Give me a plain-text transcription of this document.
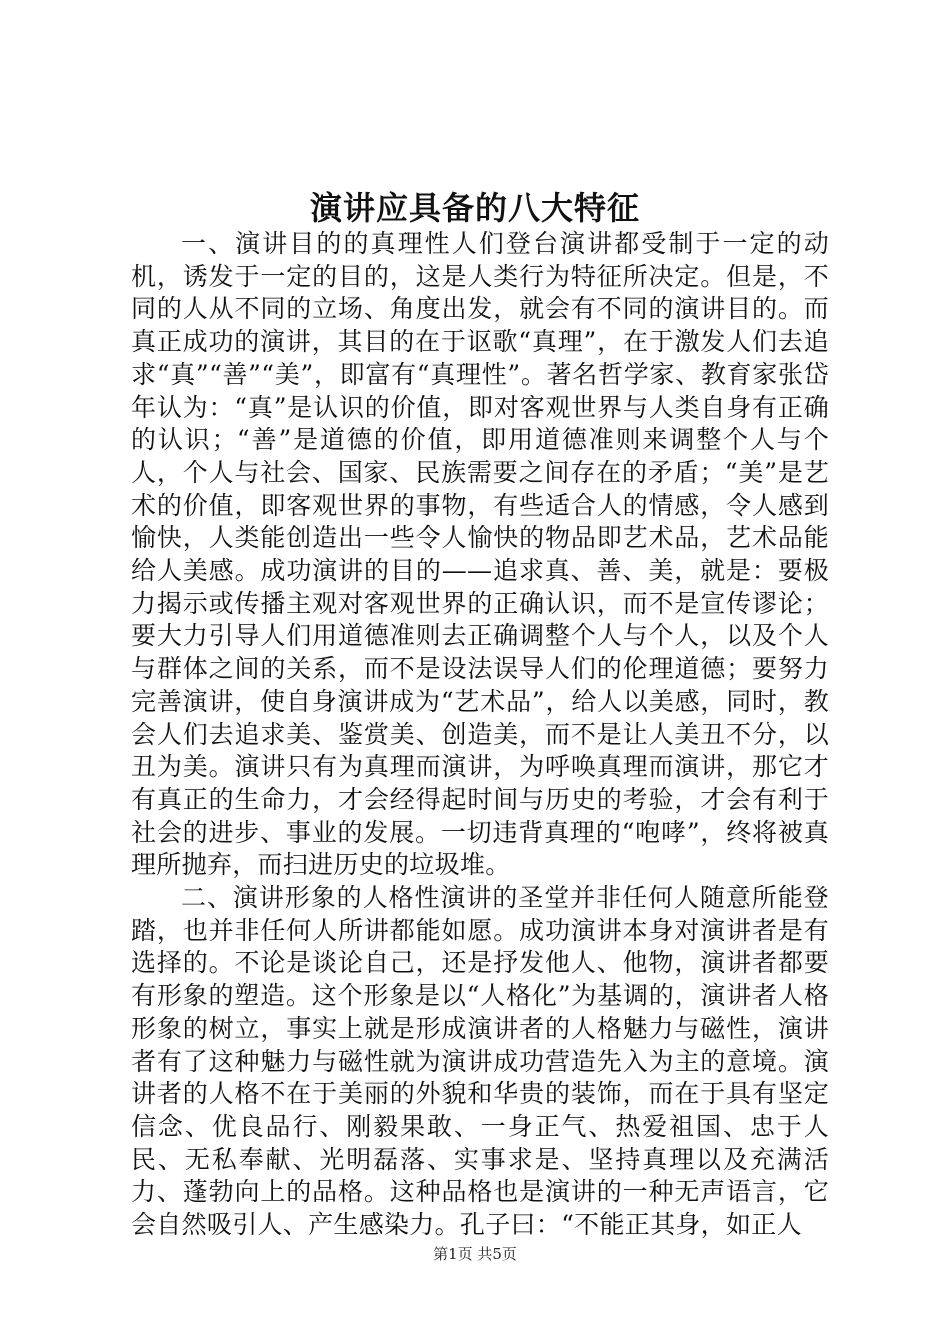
演讲应具备的八大特征

一、演讲目的的真理性人们登台演讲都受制于一定的动机，诱发于一定的目的，这是人类行为特征所决定。但是，不同的人从不同的立场、角度出发，就会有不同的演讲目的。而真正成功的演讲，其目的在于讴歌“真理”，在于激发人们去追求“真”“善”“美”，即富有“真理性”。著名哲学家、教育家张岱年认为：“真”是认识的价值，即对客观世界与人类自身有正确的认识；“善”是道德的价值，即用道德准则来调整个人与个人，个人与社会、国家、民族需要之间存在的矛盾；“美”是艺术的价值，即客观世界的事物，有些适合人的情感，令人感到愉快，人类能创造出一些令人愉快的物品即艺术品，艺术品能给人美感。成功演讲的目的——追求真、善、美，就是：要极力揭示或传播主观对客观世界的正确认识，而不是宣传谬论；要大力引导人们用道德准则去正确调整个人与个人，以及个人与群体之间的关系，而不是设法误导人们的伦理道德；要努力完善演讲，使自身演讲成为“艺术品”，给人以美感，同时，教会人们去追求美、鉴赏美、创造美，而不是让人美丑不分，以丑为美。演讲只有为真理而演讲，为呼唤真理而演讲，那它才有真正的生命力，才会经得起时间与历史的考验，才会有利于社会的进步、事业的发展。一切违背真理的“咆哮”，终将被真理所抛弃，而扫进历史的垃圾堆。

二、演讲形象的人格性演讲的圣堂并非任何人随意所能登踏，也并非任何人所讲都能如愿。成功演讲本身对演讲者是有选择的。不论是谈论自己，还是抒发他人、他物，演讲者都要有形象的塑造。这个形象是以“人格化”为基调的，演讲者人格形象的树立，事实上就是形成演讲者的人格魅力与磁性，演讲者有了这种魅力与磁性就为演讲成功营造先入为主的意境。演讲者的人格不在于美丽的外貌和华贵的装饰，而在于具有坚定信念、优良品行、刚毅果敢、一身正气、热爱祖国、忠于人民、无私奉献、光明磊落、实事求是、坚持真理以及充满活力、蓬勃向上的品格。这种品格也是演讲的一种无声语言，它会自然吸引人、产生感染力。孔子曰：“不能正其身，如正人

第1页 共5页
